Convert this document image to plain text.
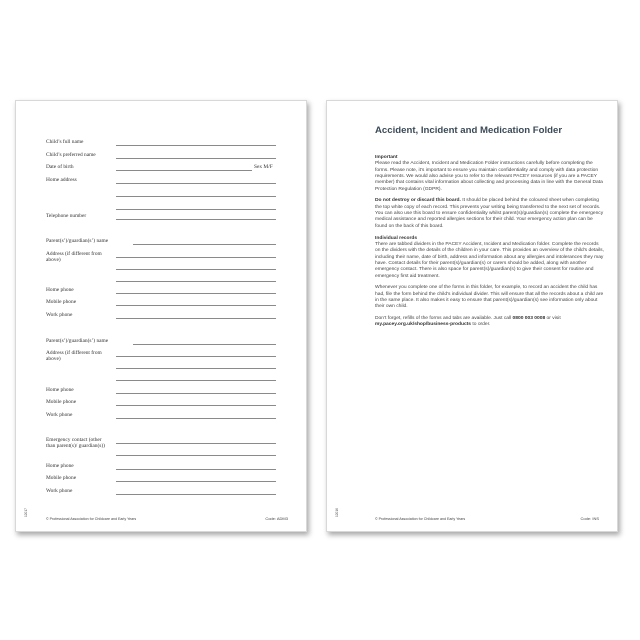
Child’s full name
Child’s preferred name
Date of birth	Sex M/F
Home address
Telephone number
Parent(s’)/guardian(s’) name
Address (if different from above)
Home phone
Mobile phone
Work phone
Parent(s’)/guardian(s’) name
Address (if different from above)
Home phone
Mobile phone
Work phone
Emergency contact (other than parent(s)/ guardian(s))
Home phone
Mobile phone
Work phone
12017
© Professional Association for Childcare and Early Years	Code: ADM3
Accident, Incident and Medication Folder

Important
Please read the Accident, Incident and Medication Folder instructions carefully before completing the forms. Please note, it’s important to ensure you maintain confidentiality and comply with data protection requirements. We would also advise you to refer to the relevant PACEY resources (if you are a PACEY member) that contains vital information about collecting and processing data in line with the General Data Protection Regulation (GDPR).

Do not destroy or discard this board. It should be placed behind the coloured sheet when completing the top white copy of each record. This prevents your writing being transferred to the next set of records. You can also use this board to ensure confidentiality whilst parent(s)/guardian(s) complete the emergency medical assistance and reported allergies sections for their child. Your emergency action plan can be found on the back of this board.

Individual records
There are tabbed dividers in the PACEY Accident, Incident and Medication folder. Complete the records on the dividers with the details of the children in your care. This provides an overview of the child’s details, including their name, date of birth, address and information about any allergies and intolerances they may have. Contact details for their parent(s)/guardian(s) or carers should be added, along with another emergency contact. There is also space for parent(s)/guardian(s) to give their consent for routine and emergency first aid treatment.

Whenever you complete one of the forms in this folder, for example, to record an accident the child has had, file the form behind the child’s individual divider. This will ensure that all the records about a child are in the same place. It also makes it easy to ensure that parent(s)/guardian(s) see information only about their own child.

Don’t forget, refills of the forms and tabs are available. Just call 0800 003 0008 or visit my.pacey.org.uk/shop/business-products to order.

12016
© Professional Association for Childcare and Early Years	Code: INS
